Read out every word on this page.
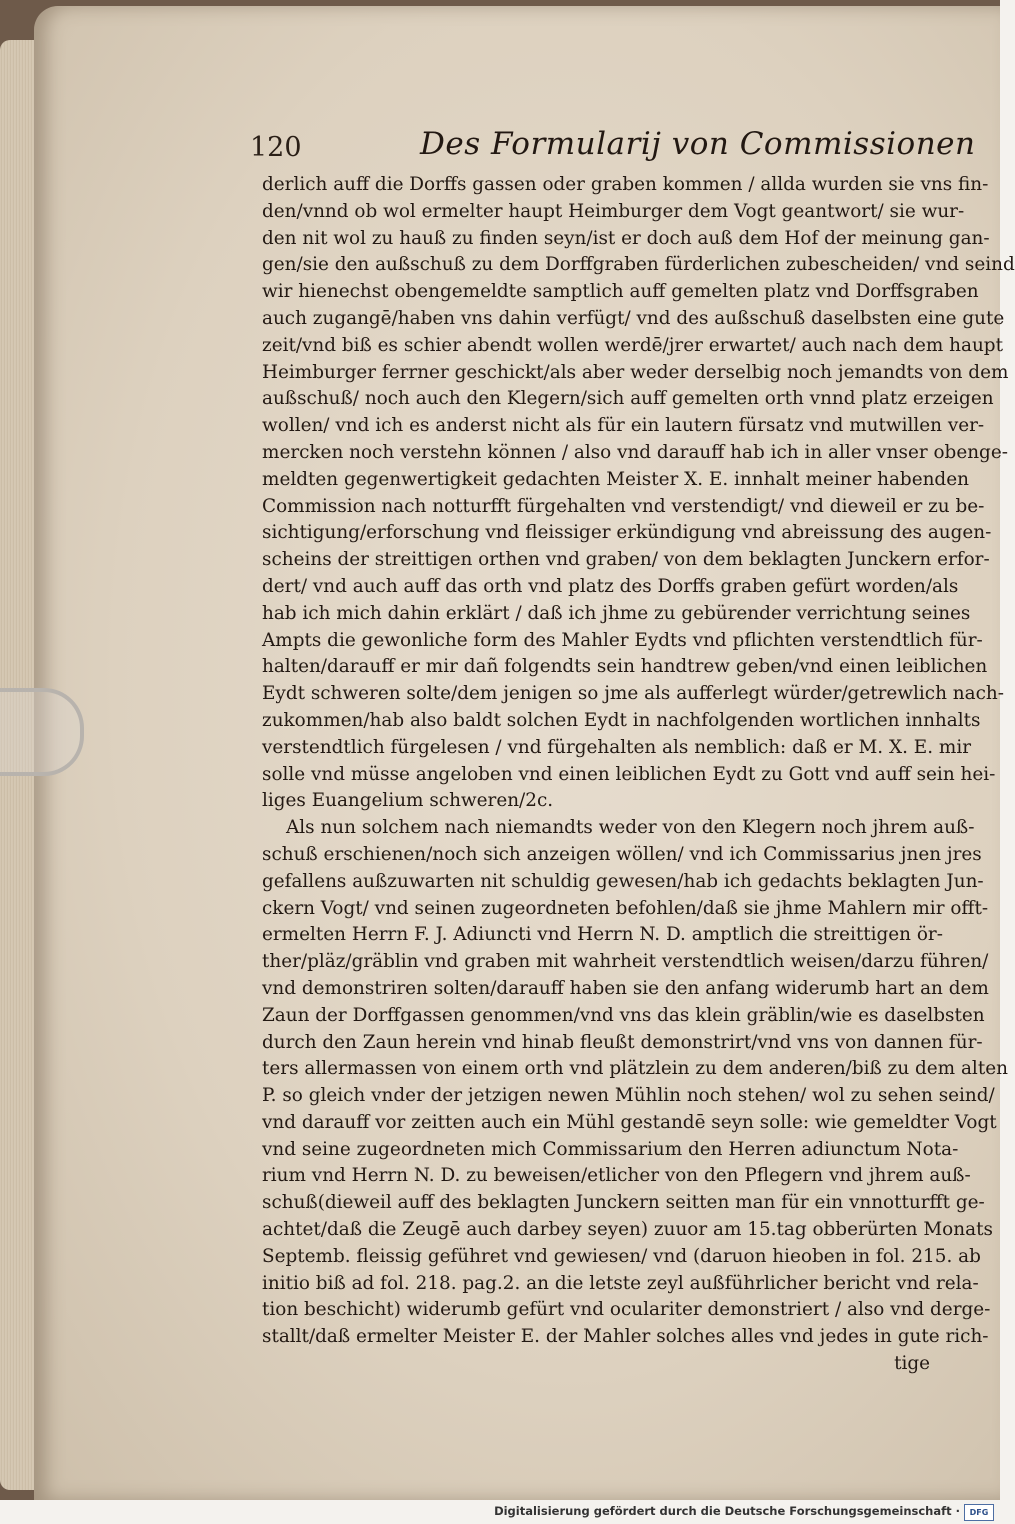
120	Des Formularij von Commissionen
derlich auff die Dorffs gassen oder graben kommen / allda wurden sie vns fin-
den/vnnd ob wol ermelter haupt Heimburger dem Vogt geantwort/ sie wur-
den nit wol zu hauß zu finden seyn/ist er doch auß dem Hof der meinung gan-
gen/sie den außschuß zu dem Dorffgraben fürderlichen zubescheiden/ vnd seind
wir hienechst obengemeldte samptlich auff gemelten platz vnd Dorffsgraben
auch zugangē/haben vns dahin verfügt/ vnd des außschuß daselbsten eine gute
zeit/vnd biß es schier abendt wollen werdē/jrer erwartet/ auch nach dem haupt
Heimburger ferrner geschickt/als aber weder derselbig noch jemandts von dem
außschuß/ noch auch den Klegern/sich auff gemelten orth vnnd platz erzeigen
wollen/ vnd ich es anderst nicht als für ein lautern fürsatz vnd mutwillen ver-
mercken noch verstehn können / also vnd darauff hab ich in aller vnser obenge-
meldten gegenwertigkeit gedachten Meister X. E. innhalt meiner habenden
Commission nach notturfft fürgehalten vnd verstendigt/ vnd dieweil er zu be-
sichtigung/erforschung vnd fleissiger erkündigung vnd abreissung des augen-
scheins der streittigen orthen vnd graben/ von dem beklagten Junckern erfor-
dert/ vnd auch auff das orth vnd platz des Dorffs graben gefürt worden/als
hab ich mich dahin erklärt / daß ich jhme zu gebürender verrichtung seines
Ampts die gewonliche form des Mahler Eydts vnd pflichten verstendtlich für-
halten/darauff er mir dañ folgendts sein handtrew geben/vnd einen leiblichen
Eydt schweren solte/dem jenigen so jme als aufferlegt würder/getrewlich nach-
zukommen/hab also baldt solchen Eydt in nachfolgenden wortlichen innhalts
verstendtlich fürgelesen / vnd fürgehalten als nemblich: daß er M. X. E. mir
solle vnd müsse angeloben vnd einen leiblichen Eydt zu Gott vnd auff sein hei-
liges Euangelium schweren/2c.
Als nun solchem nach niemandts weder von den Klegern noch jhrem auß-
schuß erschienen/noch sich anzeigen wöllen/ vnd ich Commissarius jnen jres
gefallens außzuwarten nit schuldig gewesen/hab ich gedachts beklagten Jun-
ckern Vogt/ vnd seinen zugeordneten befohlen/daß sie jhme Mahlern mir offt-
ermelten Herrn F. J. Adiuncti vnd Herrn N. D. amptlich die streittigen ör-
ther/pläz/gräblin vnd graben mit wahrheit verstendtlich weisen/darzu führen/
vnd demonstriren solten/darauff haben sie den anfang widerumb hart an dem
Zaun der Dorffgassen genommen/vnd vns das klein gräblin/wie es daselbsten
durch den Zaun herein vnd hinab fleußt demonstrirt/vnd vns von dannen für-
ters allermassen von einem orth vnd plätzlein zu dem anderen/biß zu dem alten
P. so gleich vnder der jetzigen newen Mühlin noch stehen/ wol zu sehen seind/
vnd darauff vor zeitten auch ein Mühl gestandē seyn solle: wie gemeldter Vogt
vnd seine zugeordneten mich Commissarium den Herren adiunctum Nota-
rium vnd Herrn N. D. zu beweisen/etlicher von den Pflegern vnd jhrem auß-
schuß(dieweil auff des beklagten Junckern seitten man für ein vnnotturfft ge-
achtet/daß die Zeugē auch darbey seyen) zuuor am 15.tag obberürten Monats
Septemb. fleissig geführet vnd gewiesen/ vnd (daruon hieoben in fol. 215. ab
initio biß ad fol. 218. pag.2. an die letste zeyl außführlicher bericht vnd rela-
tion beschicht) widerumb gefürt vnd oculariter demonstriert / also vnd derge-
stallt/daß ermelter Meister E. der Mahler solches alles vnd jedes in gute rich-
tige
Digitalisierung gefördert durch die Deutsche Forschungsgemeinschaft ·	DFG
